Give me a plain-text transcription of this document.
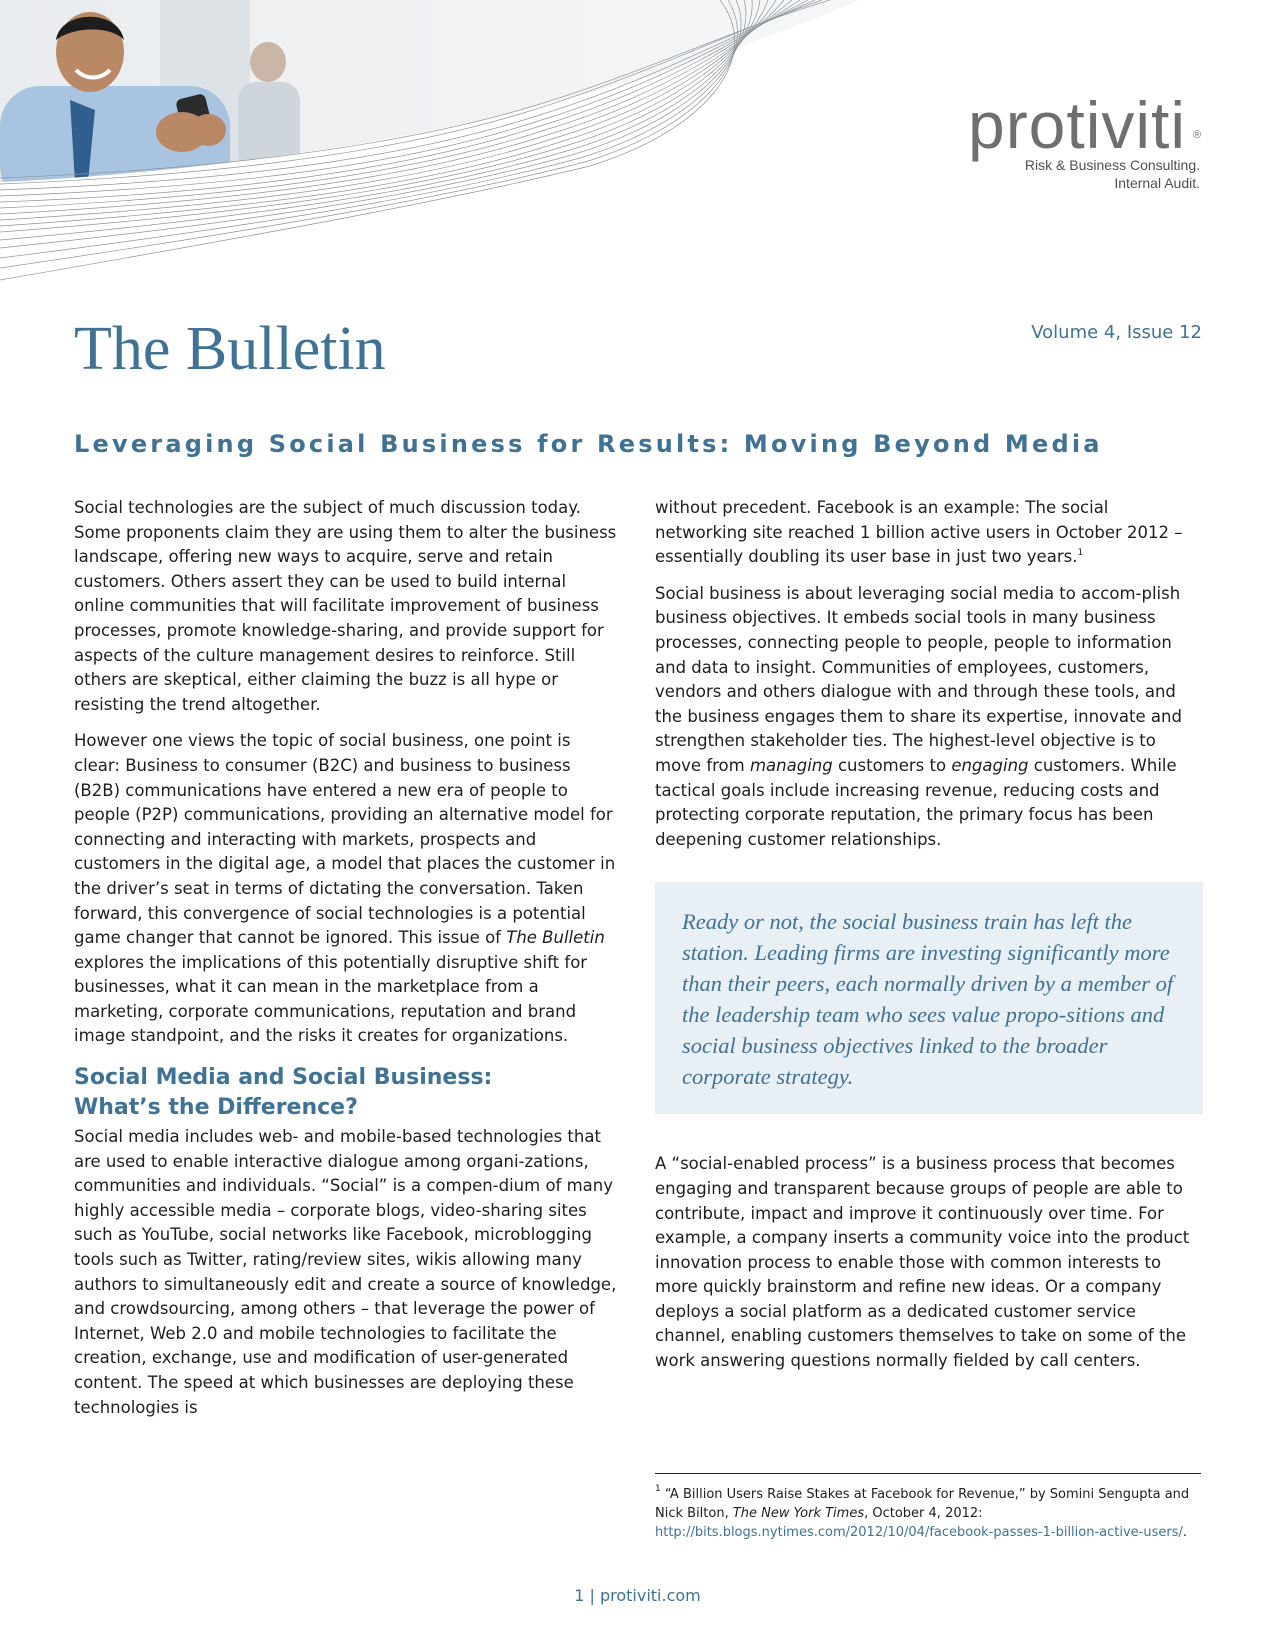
protiviti ®
Risk & Business Consulting.
Internal Audit.
The Bulletin	Volume 4, Issue 12
Leveraging Social Business for Results: Moving Beyond Media

Social technologies are the subject of much discussion today. Some proponents claim they are using them to alter the business landscape, offering new ways to acquire, serve and retain customers. Others assert they can be used to build internal online communities that will facilitate improvement of business processes, promote knowledge-sharing, and provide support for aspects of the culture management desires to reinforce. Still others are skeptical, either claiming the buzz is all hype or resisting the trend altogether.

However one views the topic of social business, one point is clear: Business to consumer (B2C) and business to business (B2B) communications have entered a new era of people to people (P2P) communications, providing an alternative model for connecting and interacting with markets, prospects and customers in the digital age, a model that places the customer in the driver’s seat in terms of dictating the conversation. Taken forward, this convergence of social technologies is a potential game changer that cannot be ignored. This issue of The Bulletin explores the implications of this potentially disruptive shift for businesses, what it can mean in the marketplace from a marketing, corporate communications, reputation and brand image standpoint, and the risks it creates for organizations.

Social Media and Social Business:
What’s the Difference?

Social media includes web- and mobile-based technologies that are used to enable interactive dialogue among organi-zations, communities and individuals. “Social” is a compen-dium of many highly accessible media – corporate blogs, video-sharing sites such as YouTube, social networks like Facebook, microblogging tools such as Twitter, rating/review sites, wikis allowing many authors to simultaneously edit and create a source of knowledge, and crowdsourcing, among others – that leverage the power of Internet, Web 2.0 and mobile technologies to facilitate the creation, exchange, use and modification of user-generated content. The speed at which businesses are deploying these technologies is

without precedent. Facebook is an example: The social networking site reached 1 billion active users in October 2012 – essentially doubling its user base in just two years.$^1$

Social business is about leveraging social media to accom-plish business objectives. It embeds social tools in many business processes, connecting people to people, people to information and data to insight. Communities of employees, customers, vendors and others dialogue with and through these tools, and the business engages them to share its expertise, innovate and strengthen stakeholder ties. The highest-level objective is to move from managing customers to engaging customers. While tactical goals include increasing revenue, reducing costs and protecting corporate reputation, the primary focus has been deepening customer relationships.

Ready or not, the social business train has left the station. Leading firms are investing significantly more than their peers, each normally driven by a member of the leadership team who sees value propo-sitions and social business objectives linked to the broader corporate strategy.

A “social-enabled process” is a business process that becomes engaging and transparent because groups of people are able to contribute, impact and improve it continuously over time. For example, a company inserts a community voice into the product innovation process to enable those with common interests to more quickly brainstorm and refine new ideas. Or a company deploys a social platform as a dedicated customer service channel, enabling customers themselves to take on some of the work answering questions normally fielded by call centers.

$^1$ “A Billion Users Raise Stakes at Facebook for Revenue,” by Somini Sengupta and Nick Bilton, The New York Times, October 4, 2012: http://bits.blogs.nytimes.com/2012/10/04/facebook-passes-1-billion-active-users/.
1 | protiviti.com
